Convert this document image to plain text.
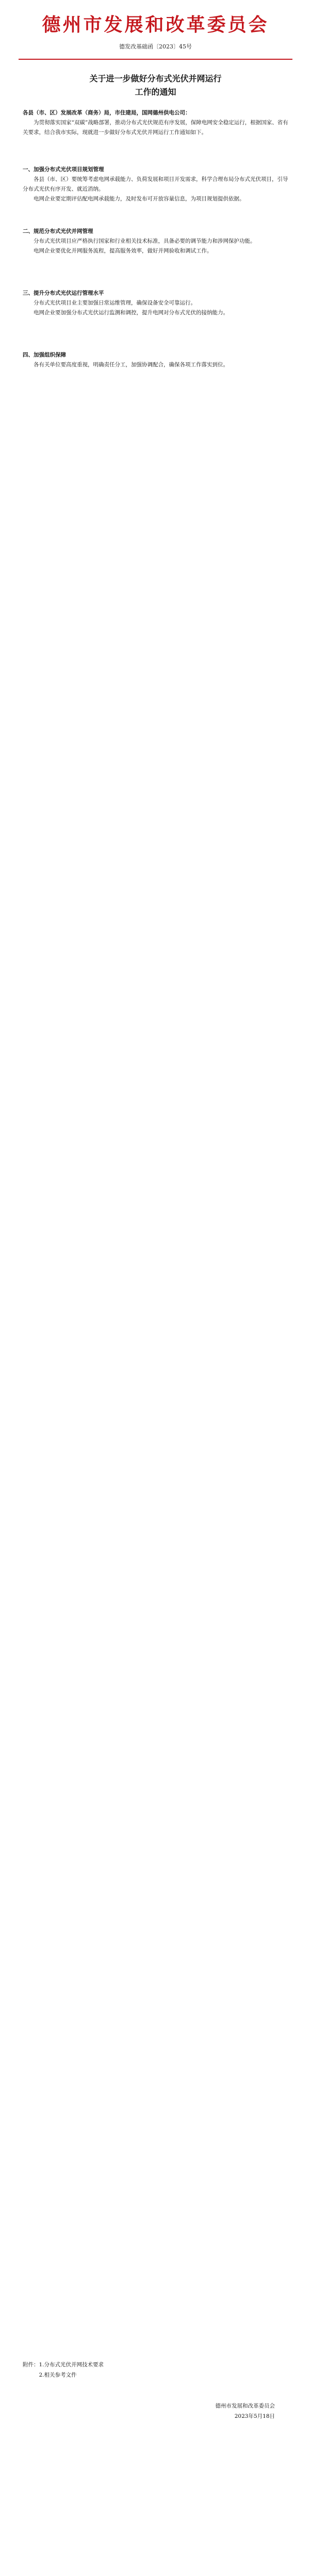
德州市发展和改革委员会
德发改基础函〔2023〕45号
关于进一步做好分布式光伏并网运行
工作的通知

各县（市、区）发展改革（商务）局，市住建局，国网德州供电公司：

为贯彻落实国家“双碳”战略部署，推动分布式光伏规范有序发展，保障电网安全稳定运行，根据国家、省有关要求，结合我市实际，现就进一步做好分布式光伏并网运行工作通知如下。

一、加强分布式光伏项目规划管理

各县（市、区）要统筹考虑电网承载能力、负荷发展和项目开发需求，科学合理布局分布式光伏项目，引导分布式光伏有序开发、就近消纳。

电网企业要定期评估配电网承载能力，及时发布可开放容量信息，为项目规划提供依据。

二、规范分布式光伏并网管理

分布式光伏项目应严格执行国家和行业相关技术标准，具备必要的调节能力和涉网保护功能。

电网企业要优化并网服务流程，提高服务效率，做好并网验收和调试工作。

三、提升分布式光伏运行管理水平

分布式光伏项目业主要加强日常运维管理，确保设备安全可靠运行。

电网企业要加强分布式光伏运行监测和调控，提升电网对分布式光伏的接纳能力。

四、加强组织保障

各有关单位要高度重视，明确责任分工，加强协调配合，确保各项工作落实到位。

附件：1.分布式光伏并网技术要求
2.相关参考文件
德州市发展和改革委员会
2023年5月18日
